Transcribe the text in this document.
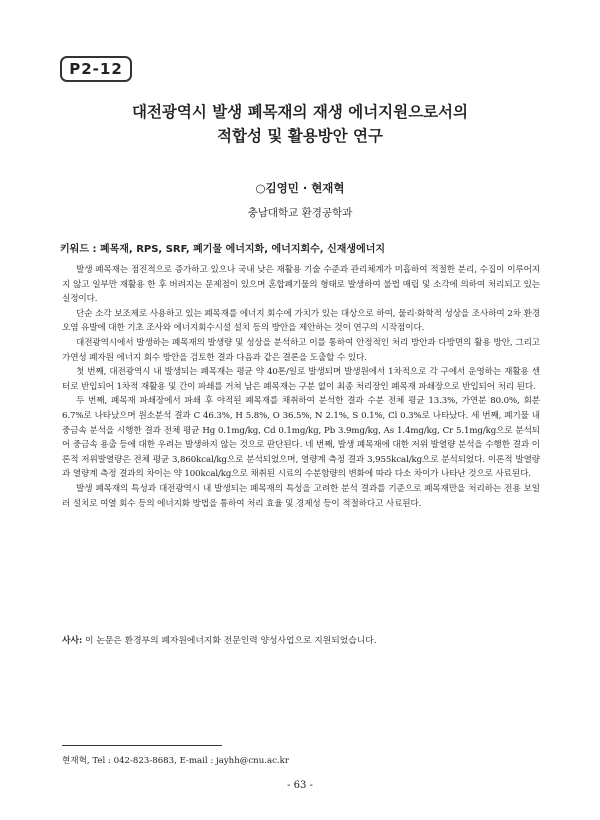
P2-12
대전광역시 발생 폐목재의 재생 에너지원으로서의
적합성 및 활용방안 연구
○김영민 · 현재혁
충남대학교 환경공학과
키워드 : 폐목재, RPS, SRF, 폐기물 에너지화, 에너지회수, 신재생에너지

발생 폐목재는 점진적으로 증가하고 있으나 국내 낮은 재활용 기술 수준과 관리체계가 미흡하여 적절한 분리, 수집이 이루어지지 않고 일부만 재활용 한 후 버려지는 문제점이 있으며 혼합폐기물의 형태로 발생하여 불법 매립 및 소각에 의하여 처리되고 있는 실정이다.

단순 소각 보조제로 사용하고 있는 폐목재를 에너지 회수에 가치가 있는 대상으로 하여, 물리·화학적 성상을 조사하여 2차 환경오염 유발에 대한 기초 조사와 에너지회수시설 설치 등의 방안을 제안하는 것이 연구의 시작점이다.

대전광역시에서 발생하는 폐목재의 발생량 및 성상을 분석하고 이를 통하여 안정적인 처리 방안과 다방면의 활용 방안, 그리고 가연성 폐자원 에너지 회수 방안을 검토한 결과 다음과 같은 결론을 도출할 수 있다.

첫 번째, 대전광역시 내 발생되는 폐목재는 평균 약 40톤/일로 발생되며 발생원에서 1차적으로 각 구에서 운영하는 재활용 센터로 반입되어 1차적 재활용 및 간이 파쇄를 거쳐 남은 폐목재는 구분 없이 최종 처리장인 폐목재 파쇄장으로 반입되어 처리 된다.

두 번째, 폐목재 파쇄장에서 파쇄 후 야적된 폐목재를 채취하여 분석한 결과 수분 전체 평균 13.3%, 가연분 80.0%, 회분 6.7%로 나타났으며 원소분석 결과 C 46.3%, H 5.8%, O 36.5%, N 2.1%, S 0.1%, Cl 0.3%로 나타났다. 세 번째, 폐기물 내 중금속 분석을 시행한 결과 전체 평균 Hg 0.1mg/kg, Cd 0.1mg/kg, Pb 3.9mg/kg, As 1.4mg/kg, Cr 5.1mg/kg으로 분석되어 중금속 용출 등에 대한 우려는 발생하지 않는 것으로 판단된다. 네 번째, 발생 폐목재에 대한 저위 발열량 분석을 수행한 결과 이론적 저위발열량은 전체 평균 3,860kcal/kg으로 분석되었으며, 열량계 측정 결과 3,955kcal/kg으로 분석되었다. 이론적 발열량과 열량계 측정 결과의 차이는 약 100kcal/kg으로 채취된 시료의 수분함량의 변화에 따라 다소 차이가 나타난 것으로 사료된다.

발생 폐목재의 특성과 대전광역시 내 발생되는 폐목재의 특성을 고려한 분석 결과를 기준으로 폐목재만을 처리하는 전용 보일러 설치로 여열 회수 등의 에너지화 방법을 통하여 처리 효율 및 경제성 등이 적절하다고 사료된다.

사사: 이 논문은 환경부의 폐자원에너지화 전문인력 양성사업으로 지원되었습니다.
현재혁, Tel : 042-823-8683, E-mail : jayhh@cnu.ac.kr
- 63 -
